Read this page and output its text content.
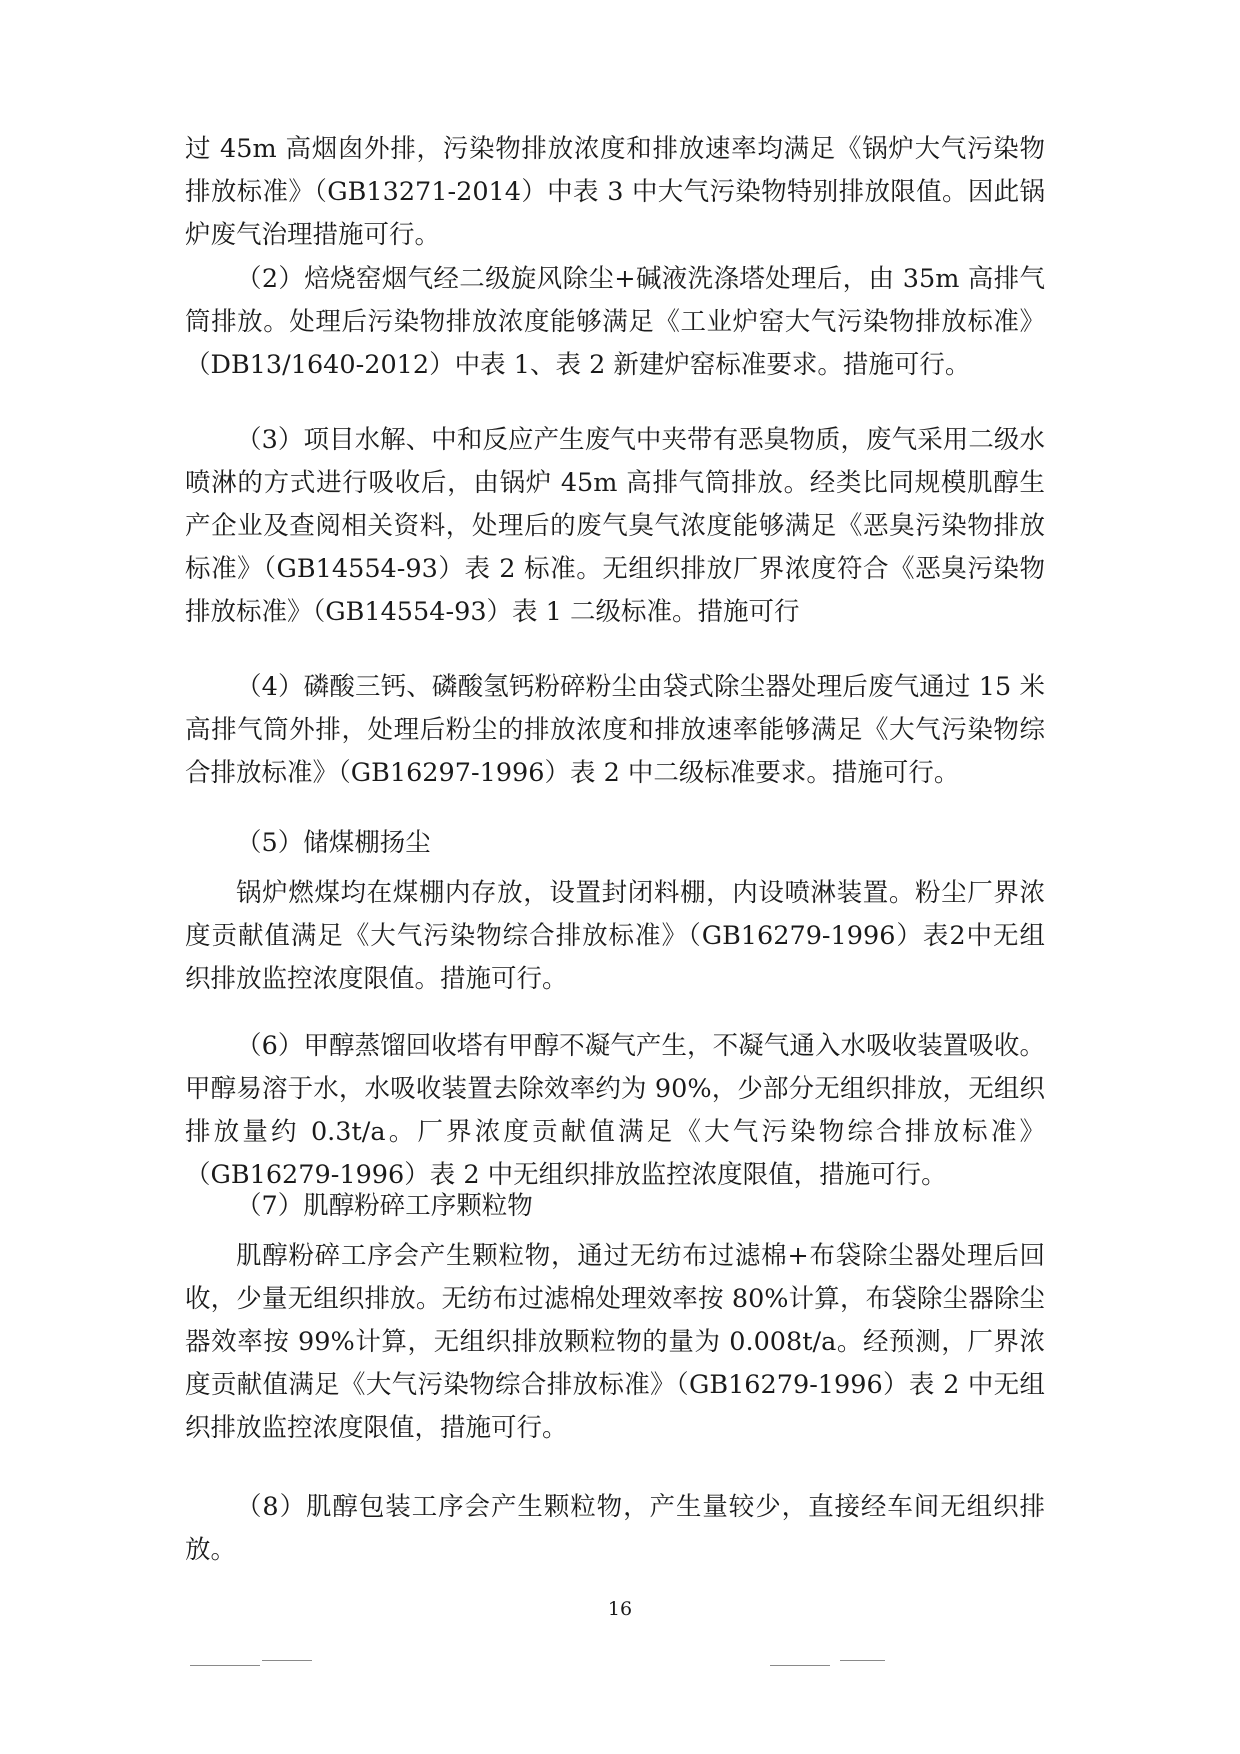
过 45m 高烟囱外排，污染物排放浓度和排放速率均满足《锅炉大气污染物排放标准》（GB13271-2014）中表 3 中大气污染物特别排放限值。因此锅炉废气治理措施可行。

（2）焙烧窑烟气经二级旋风除尘+碱液洗涤塔处理后，由 35m 高排气筒排放。处理后污染物排放浓度能够满足《工业炉窑大气污染物排放标准》（DB13/1640-2012）中表 1、表 2 新建炉窑标准要求。措施可行。

（3）项目水解、中和反应产生废气中夹带有恶臭物质，废气采用二级水喷淋的方式进行吸收后，由锅炉 45m 高排气筒排放。经类比同规模肌醇生产企业及查阅相关资料，处理后的废气臭气浓度能够满足《恶臭污染物排放标准》（GB14554-93）表 2 标准。无组织排放厂界浓度符合《恶臭污染物排放标准》（GB14554-93）表 1 二级标准。措施可行

（4）磷酸三钙、磷酸氢钙粉碎粉尘由袋式除尘器处理后废气通过 15 米高排气筒外排，处理后粉尘的排放浓度和排放速率能够满足《大气污染物综合排放标准》（GB16297-1996）表 2 中二级标准要求。措施可行。

（5）储煤棚扬尘

锅炉燃煤均在煤棚内存放，设置封闭料棚，内设喷淋装置。粉尘厂界浓度贡献值满足《大气污染物综合排放标准》（GB16279-1996）表2中无组织排放监控浓度限值。措施可行。

（6）甲醇蒸馏回收塔有甲醇不凝气产生，不凝气通入水吸收装置吸收。甲醇易溶于水，水吸收装置去除效率约为 90%，少部分无组织排放，无组织排放量约 0.3t/a。厂界浓度贡献值满足《大气污染物综合排放标准》（GB16279-1996）表 2 中无组织排放监控浓度限值，措施可行。

（7）肌醇粉碎工序颗粒物

肌醇粉碎工序会产生颗粒物，通过无纺布过滤棉+布袋除尘器处理后回收，少量无组织排放。无纺布过滤棉处理效率按 80%计算，布袋除尘器除尘器效率按 99%计算，无组织排放颗粒物的量为 0.008t/a。经预测，厂界浓度贡献值满足《大气污染物综合排放标准》（GB16279-1996）表 2 中无组织排放监控浓度限值，措施可行。

（8）肌醇包装工序会产生颗粒物，产生量较少，直接经车间无组织排放。

16
